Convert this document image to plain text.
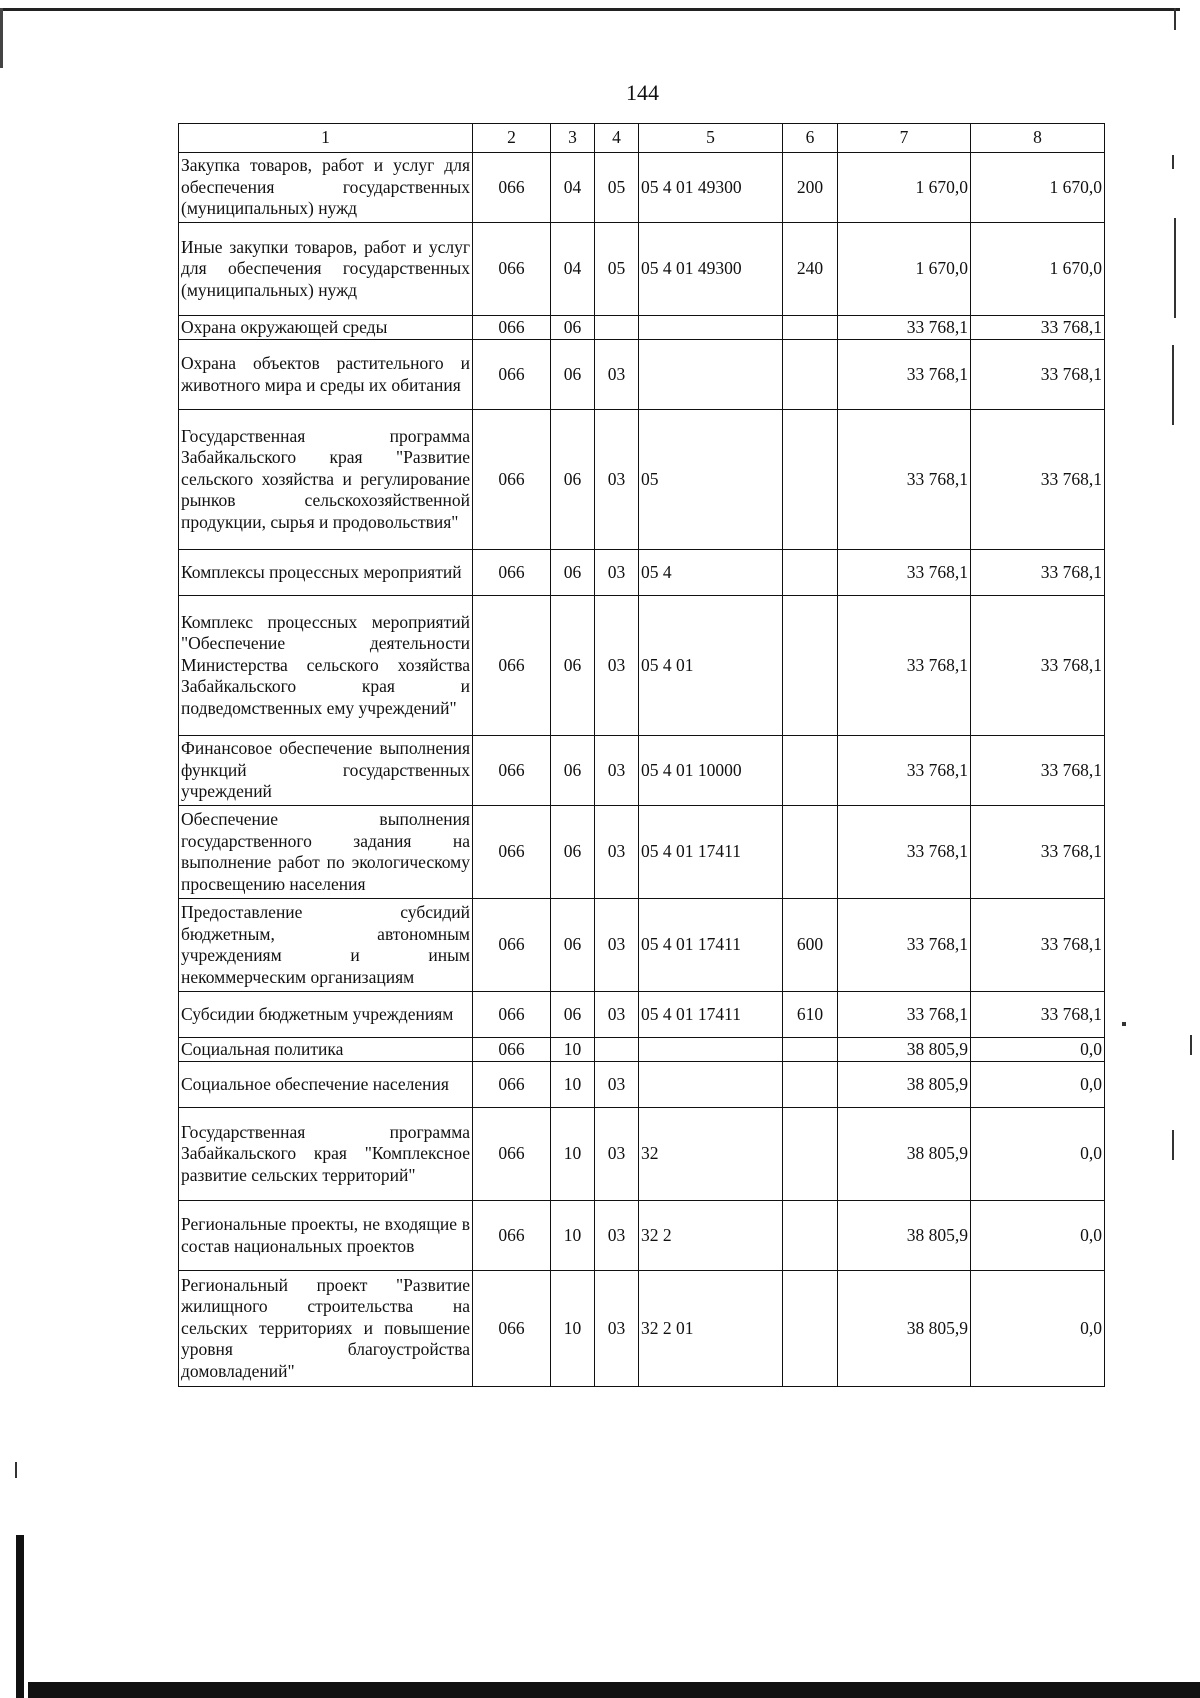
144
1	2	3	4	5	6	7	8
Закупка товаров, работ и услуг для обеспечения государственных (муниципальных) нужд	066	04	05	05 4 01 49300	200	1 670,0	1 670,0
Иные закупки товаров, работ и услуг для обеспечения государственных (муниципальных) нужд	066	04	05	05 4 01 49300	240	1 670,0	1 670,0
Охрана окружающей среды	066	06				33 768,1	33 768,1
Охрана объектов растительного и животного мира и среды их обитания	066	06	03			33 768,1	33 768,1
Государственная программа Забайкальского края "Развитие сельского хозяйства и регулирование рынков сельскохозяйственной продукции, сырья и продовольствия"	066	06	03	05		33 768,1	33 768,1
Комплексы процессных мероприятий	066	06	03	05 4		33 768,1	33 768,1
Комплекс процессных мероприятий "Обеспечение деятельности Министерства сельского хозяйства Забайкальского края и подведомственных ему учреждений"	066	06	03	05 4 01		33 768,1	33 768,1
Финансовое обеспечение выполнения функций государственных учреждений	066	06	03	05 4 01 10000		33 768,1	33 768,1
Обеспечение выполнения государственного задания на выполнение работ по экологическому просвещению населения	066	06	03	05 4 01 17411		33 768,1	33 768,1
Предоставление субсидий бюджетным, автономным учреждениям и иным некоммерческим организациям	066	06	03	05 4 01 17411	600	33 768,1	33 768,1
Субсидии бюджетным учреждениям	066	06	03	05 4 01 17411	610	33 768,1	33 768,1
Социальная политика	066	10				38 805,9	0,0
Социальное обеспечение населения	066	10	03			38 805,9	0,0
Государственная программа Забайкальского края "Комплексное развитие сельских территорий"	066	10	03	32		38 805,9	0,0
Региональные проекты, не входящие в состав национальных проектов	066	10	03	32 2		38 805,9	0,0
Региональный проект "Развитие жилищного строительства на сельских территориях и повышение уровня благоустройства домовладений"	066	10	03	32 2 01		38 805,9	0,0
